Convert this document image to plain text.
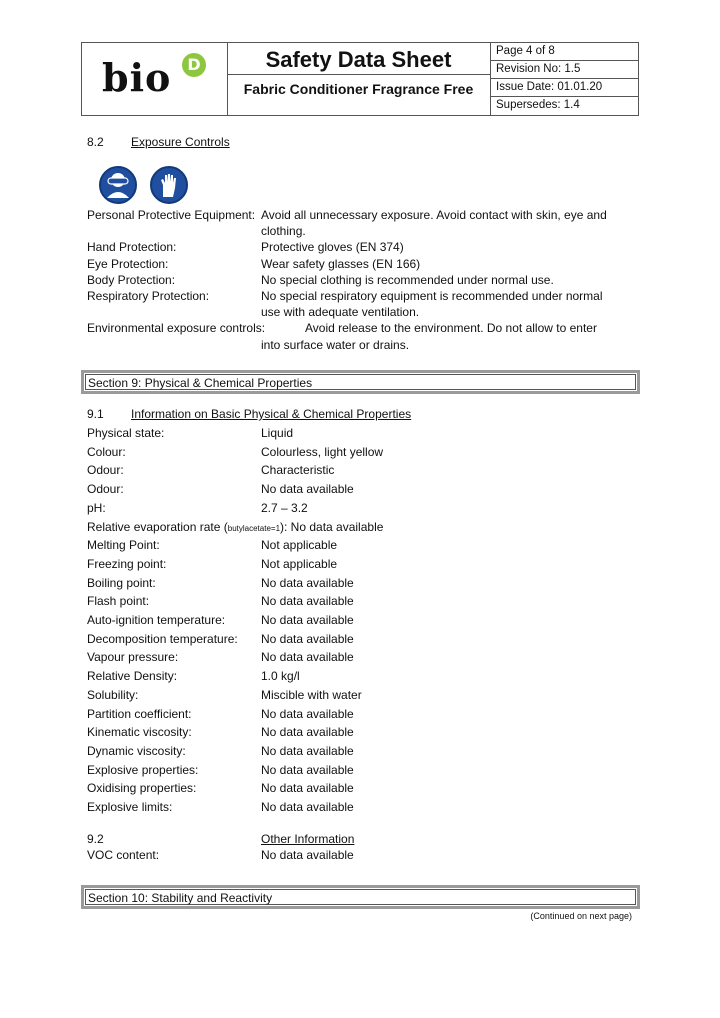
bio	D	Safety Data Sheet
Fabric Conditioner Fragrance Free
Page 4 of 8
Revision No: 1.5
Issue Date: 01.01.20
Supersedes: 1.4
8.2 Exposure Controls
Personal Protective Equipment: Avoid all unnecessary exposure. Avoid contact with skin, eye and
clothing.
Hand Protection:	Protective gloves (EN 374)
Eye Protection:	Wear safety glasses (EN 166)
Body Protection:	No special clothing is recommended under normal use.
Respiratory Protection:	No special respiratory equipment is recommended under normal
use with adequate ventilation.
Environmental exposure controls:	Avoid release to the environment. Do not allow to enter
into surface water or drains.
Section 9: Physical & Chemical Properties
9.1 Information on Basic Physical & Chemical Properties
Physical state:	Liquid
Colour:	Colourless, light yellow
Odour:	Characteristic
Odour:	No data available
pH:	2.7 – 3.2
Relative evaporation rate (butylacetate=1): No data available
Melting Point:	Not applicable
Freezing point:	Not applicable
Boiling point:	No data available
Flash point:	No data available
Auto-ignition temperature:	No data available
Decomposition temperature: No data available
Vapour pressure:	No data available
Relative Density:	1.0 kg/l
Solubility:	Miscible with water
Partition coefficient:	No data available
Kinematic viscosity:	No data available
Dynamic viscosity:	No data available
Explosive properties:	No data available
Oxidising properties:	No data available
Explosive limits:	No data available
9.2	Other Information
VOC content:	No data available
Section 10: Stability and Reactivity
(Continued on next page)
